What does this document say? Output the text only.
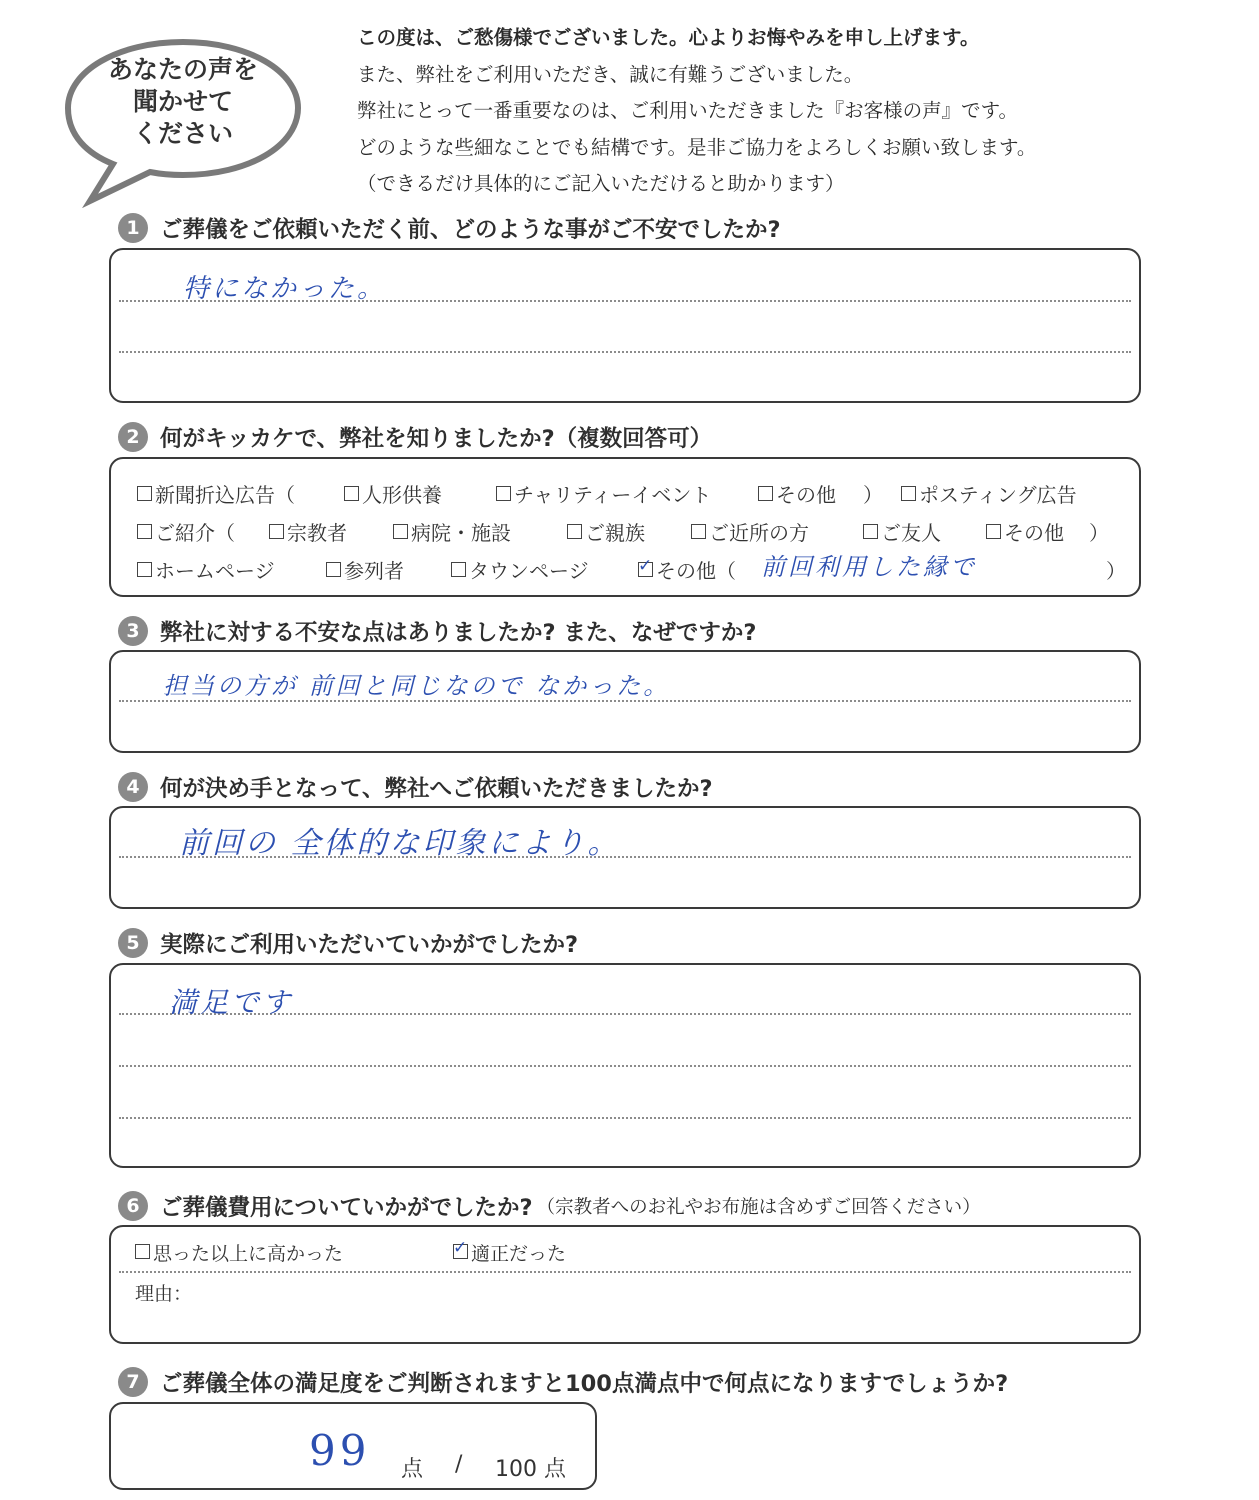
あなたの声を
聞かせて
ください
この度は、ご愁傷様でございました。心よりお悔やみを申し上げます。
また、弊社をご利用いただき、誠に有難うございました。
弊社にとって一番重要なのは、ご利用いただきました『お客様の声』です。
どのような些細なことでも結構です。是非ご協力をよろしくお願い致します。
（できるだけ具体的にご記入いただけると助かります）
1 ご葬儀をご依頼いただく前、どのような事がご不安でしたか?
特になかった。
2 何がキッカケで、弊社を知りましたか?（複数回答可）
新聞折込広告（	人形供養	チャリティーイベント	その他 ）	ポスティング広告
ご紹介（	宗教者	病院・施設	ご親族	ご近所の方	ご友人	その他 ）
ホームページ	参列者	タウンページ ✓	その他（ 前回利用した縁で	）
3 弊社に対する不安な点はありましたか? また、なぜですか?
担当の方が 前回と同じなので なかった。
4 何が決め手となって、弊社へご依頼いただきましたか?
前回の 全体的な印象により。
5 実際にご利用いただいていかがでしたか?
満足です
6 ご葬儀費用についていかがでしたか? （宗教者へのお礼やお布施は含めずご回答ください）
思った以上に高かった ✓	適正だった
理由：
7 ご葬儀全体の満足度をご判断されますと100点満点中で何点になりますでしょうか?
99 点 / 100 点
